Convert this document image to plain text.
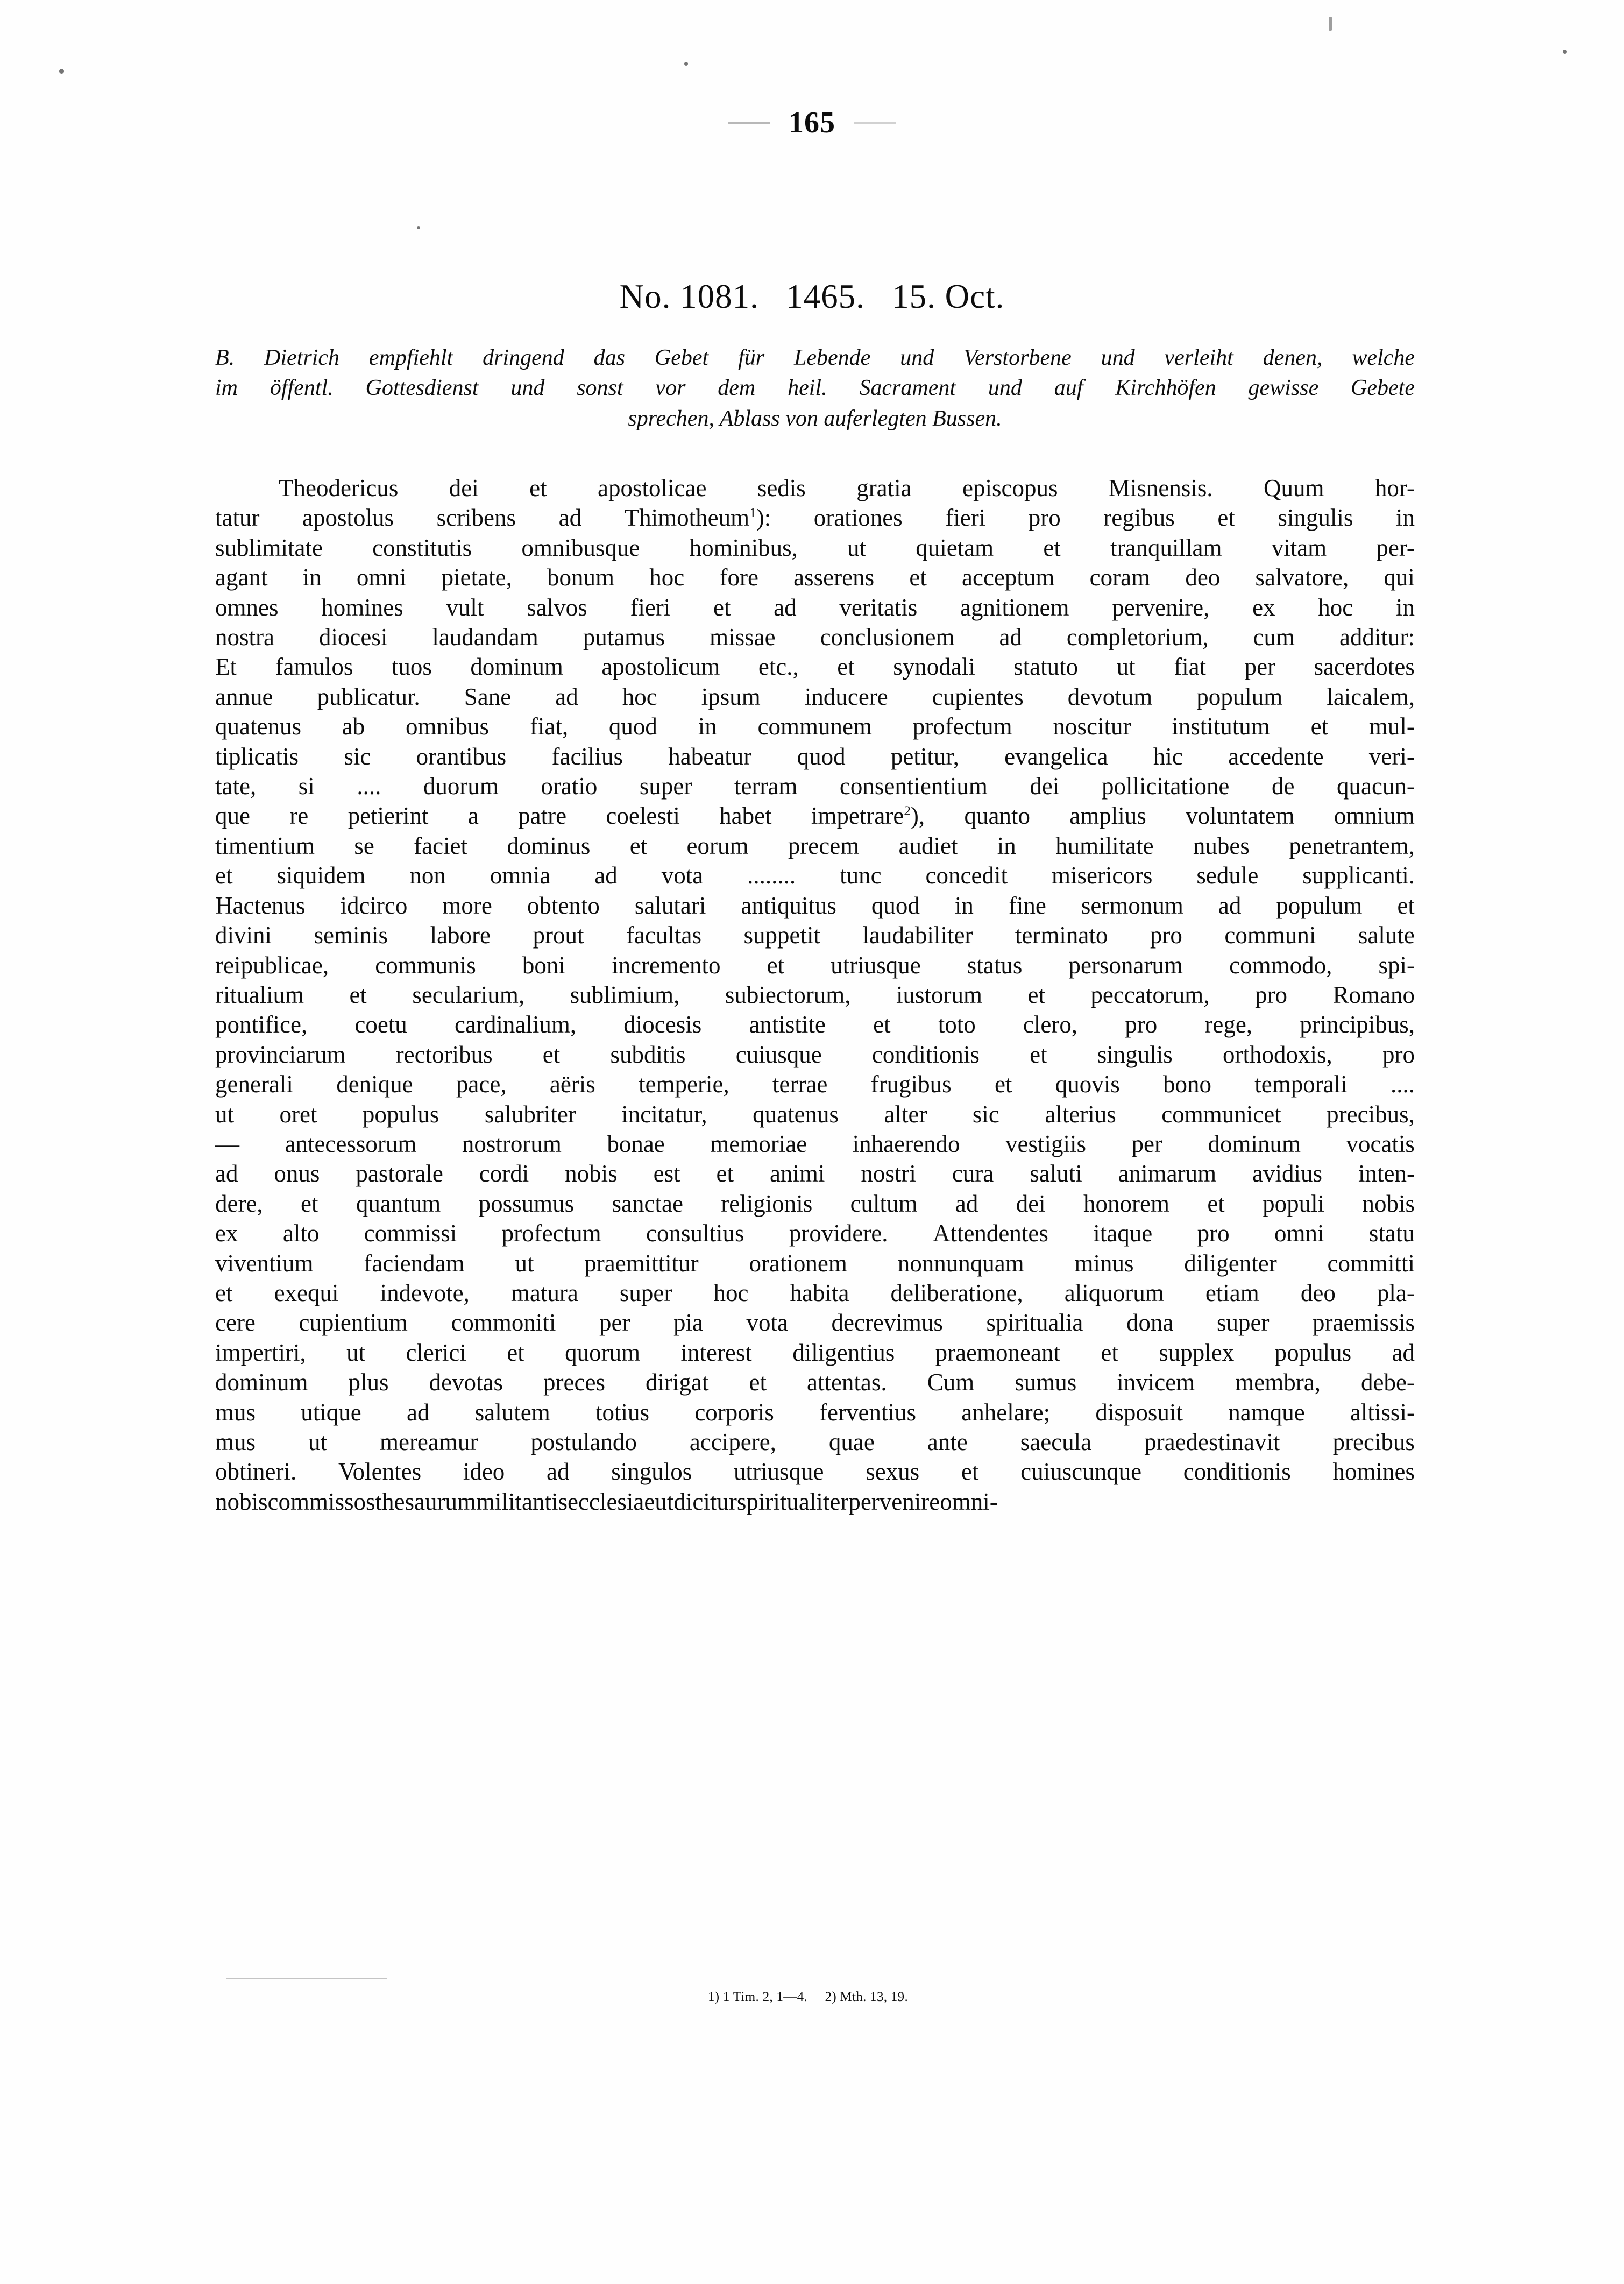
165
No. 1081.   1465.   15. Oct.
B. Dietrich empfiehlt dringend das Gebet für Lebende und Verstorbene und verleiht denen, welche
im öffentl. Gottesdienst und sonst vor dem heil. Sacrament und auf Kirchhöfen gewisse Gebete
sprechen, Ablass von auferlegten Bussen.
Theodericus dei et apostolicae sedis gratia episcopus Misnensis. Quum hor-
tatur apostolus scribens ad Thimotheum$^1$): orationes fieri pro regibus et singulis in
sublimitate constitutis omnibusque hominibus, ut quietam et tranquillam vitam per-
agant in omni pietate, bonum hoc fore asserens et acceptum coram deo salvatore, qui
omnes homines vult salvos fieri et ad veritatis agnitionem pervenire, ex hoc in
nostra diocesi laudandam putamus missae conclusionem ad completorium, cum additur:
Et famulos tuos dominum apostolicum etc., et synodali statuto ut fiat per sacerdotes
annue publicatur. Sane ad hoc ipsum inducere cupientes devotum populum laicalem,
quatenus ab omnibus fiat, quod in communem profectum noscitur institutum et mul-
tiplicatis sic orantibus facilius habeatur quod petitur, evangelica hic accedente veri-
tate, si .... duorum oratio super terram consentientium dei pollicitatione de quacun-
que re petierint a patre coelesti habet impetrare$^2$), quanto amplius voluntatem omnium
timentium se faciet dominus et eorum precem audiet in humilitate nubes penetrantem,
et siquidem non omnia ad vota ........ tunc concedit misericors sedule supplicanti.
Hactenus idcirco more obtento salutari antiquitus quod in fine sermonum ad populum et
divini seminis labore prout facultas suppetit laudabiliter terminato pro communi salute
reipublicae, communis boni incremento et utriusque status personarum commodo, spi-
ritualium et secularium, sublimium, subiectorum, iustorum et peccatorum, pro Romano
pontifice, coetu cardinalium, diocesis antistite et toto clero, pro rege, principibus,
provinciarum rectoribus et subditis cuiusque conditionis et singulis orthodoxis, pro
generali denique pace, aëris temperie, terrae frugibus et quovis bono temporali ....
ut oret populus salubriter incitatur, quatenus alter sic alterius communicet precibus,
— antecessorum nostrorum bonae memoriae inhaerendo vestigiis per dominum vocatis
ad onus pastorale cordi nobis est et animi nostri cura saluti animarum avidius inten-
dere, et quantum possumus sanctae religionis cultum ad dei honorem et populi nobis
ex alto commissi profectum consultius providere. Attendentes itaque pro omni statu
viventium faciendam ut praemittitur orationem nonnunquam minus diligenter committi
et exequi indevote, matura super hoc habita deliberatione, aliquorum etiam deo pla-
cere cupientium commoniti per pia vota decrevimus spiritualia dona super praemissis
impertiri, ut clerici et quorum interest diligentius praemoneant et supplex populus ad
dominum plus devotas preces dirigat et attentas. Cum sumus invicem membra, debe-
mus utique ad salutem totius corporis ferventius anhelare; disposuit namque altissi-
mus ut mereamur postulando accipere, quae ante saecula praedestinavit precibus
obtineri. Volentes ideo ad singulos utriusque sexus et cuiuscunque conditionis homines
nobis commissos thesaurum militantis ecclesiae ut dicitur spiritualiter pervenire omni-
1) 1 Tim. 2, 1—4. 2) Mth. 13, 19.
